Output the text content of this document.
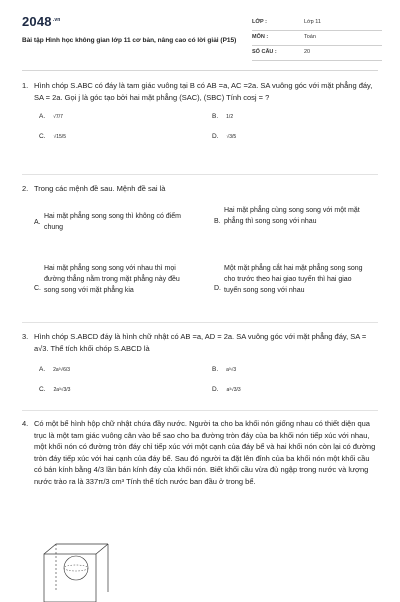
$2048^{.vn}$
Bài tập Hình học không gian lớp 11 cơ bản, nâng cao có lời giải (P15)
LỚP :	Lớp 11
MÔN :	Toán
SỐ CÂU :	20
1. Hình chóp S.ABC có đáy là tam giác vuông tại B có AB =a, AC =2a. SA vuông góc với mặt phẳng đáy, SA = 2a. Gọi j là góc tạo bởi hai mặt phẳng (SAC), (SBC) Tính cosj = ?
A. √7/7	B. 1/2
C. √15/5	D. √3/5
2. Trong các mệnh đề sau. Mệnh đề sai là
A.
Hai mặt phẳng song song thì không có điểm chung
B.
Hai mặt phẳng cùng song song với một mặt phẳng thì song song với nhau
C.
Hai mặt phẳng song song với nhau thì mọi đường thẳng nằm trong mặt phẳng này đều song song với mặt phẳng kia	D.
Một mặt phẳng cắt hai mặt phẳng song song cho trước theo hai giao tuyến thì hai giao tuyến song song với nhau
3. Hình chóp S.ABCD đáy là hình chữ nhật có AB =a, AD = 2a. SA vuông góc với mặt phẳng đáy, SA = a√3. Thể tích khối chóp S.ABCD là
A. 2a³√6/3	B. a³√3
C. 2a³√3/3	D. a³√3/3
4. Có một bể hình hộp chữ nhật chứa đầy nước. Người ta cho ba khối nón giống nhau có thiết diện qua trục là một tam giác vuông cân vào bể sao cho ba đường tròn đáy của ba khối nón tiếp xúc với nhau, một khối nón có đường tròn đáy chỉ tiếp xúc với một cạnh của đáy bể và hai khối nón còn lại có đường tròn đáy tiếp xúc với hai cạnh của đáy bể. Sau đó người ta đặt lên đỉnh của ba khối nón một khối cầu có bán kính bằng 4/3 lần bán kính đáy của khối nón. Biết khối cầu vừa đủ ngập trong nước và lượng nước trào ra là 337π/3 cm³ Tính thể tích nước ban đầu ở trong bể.
